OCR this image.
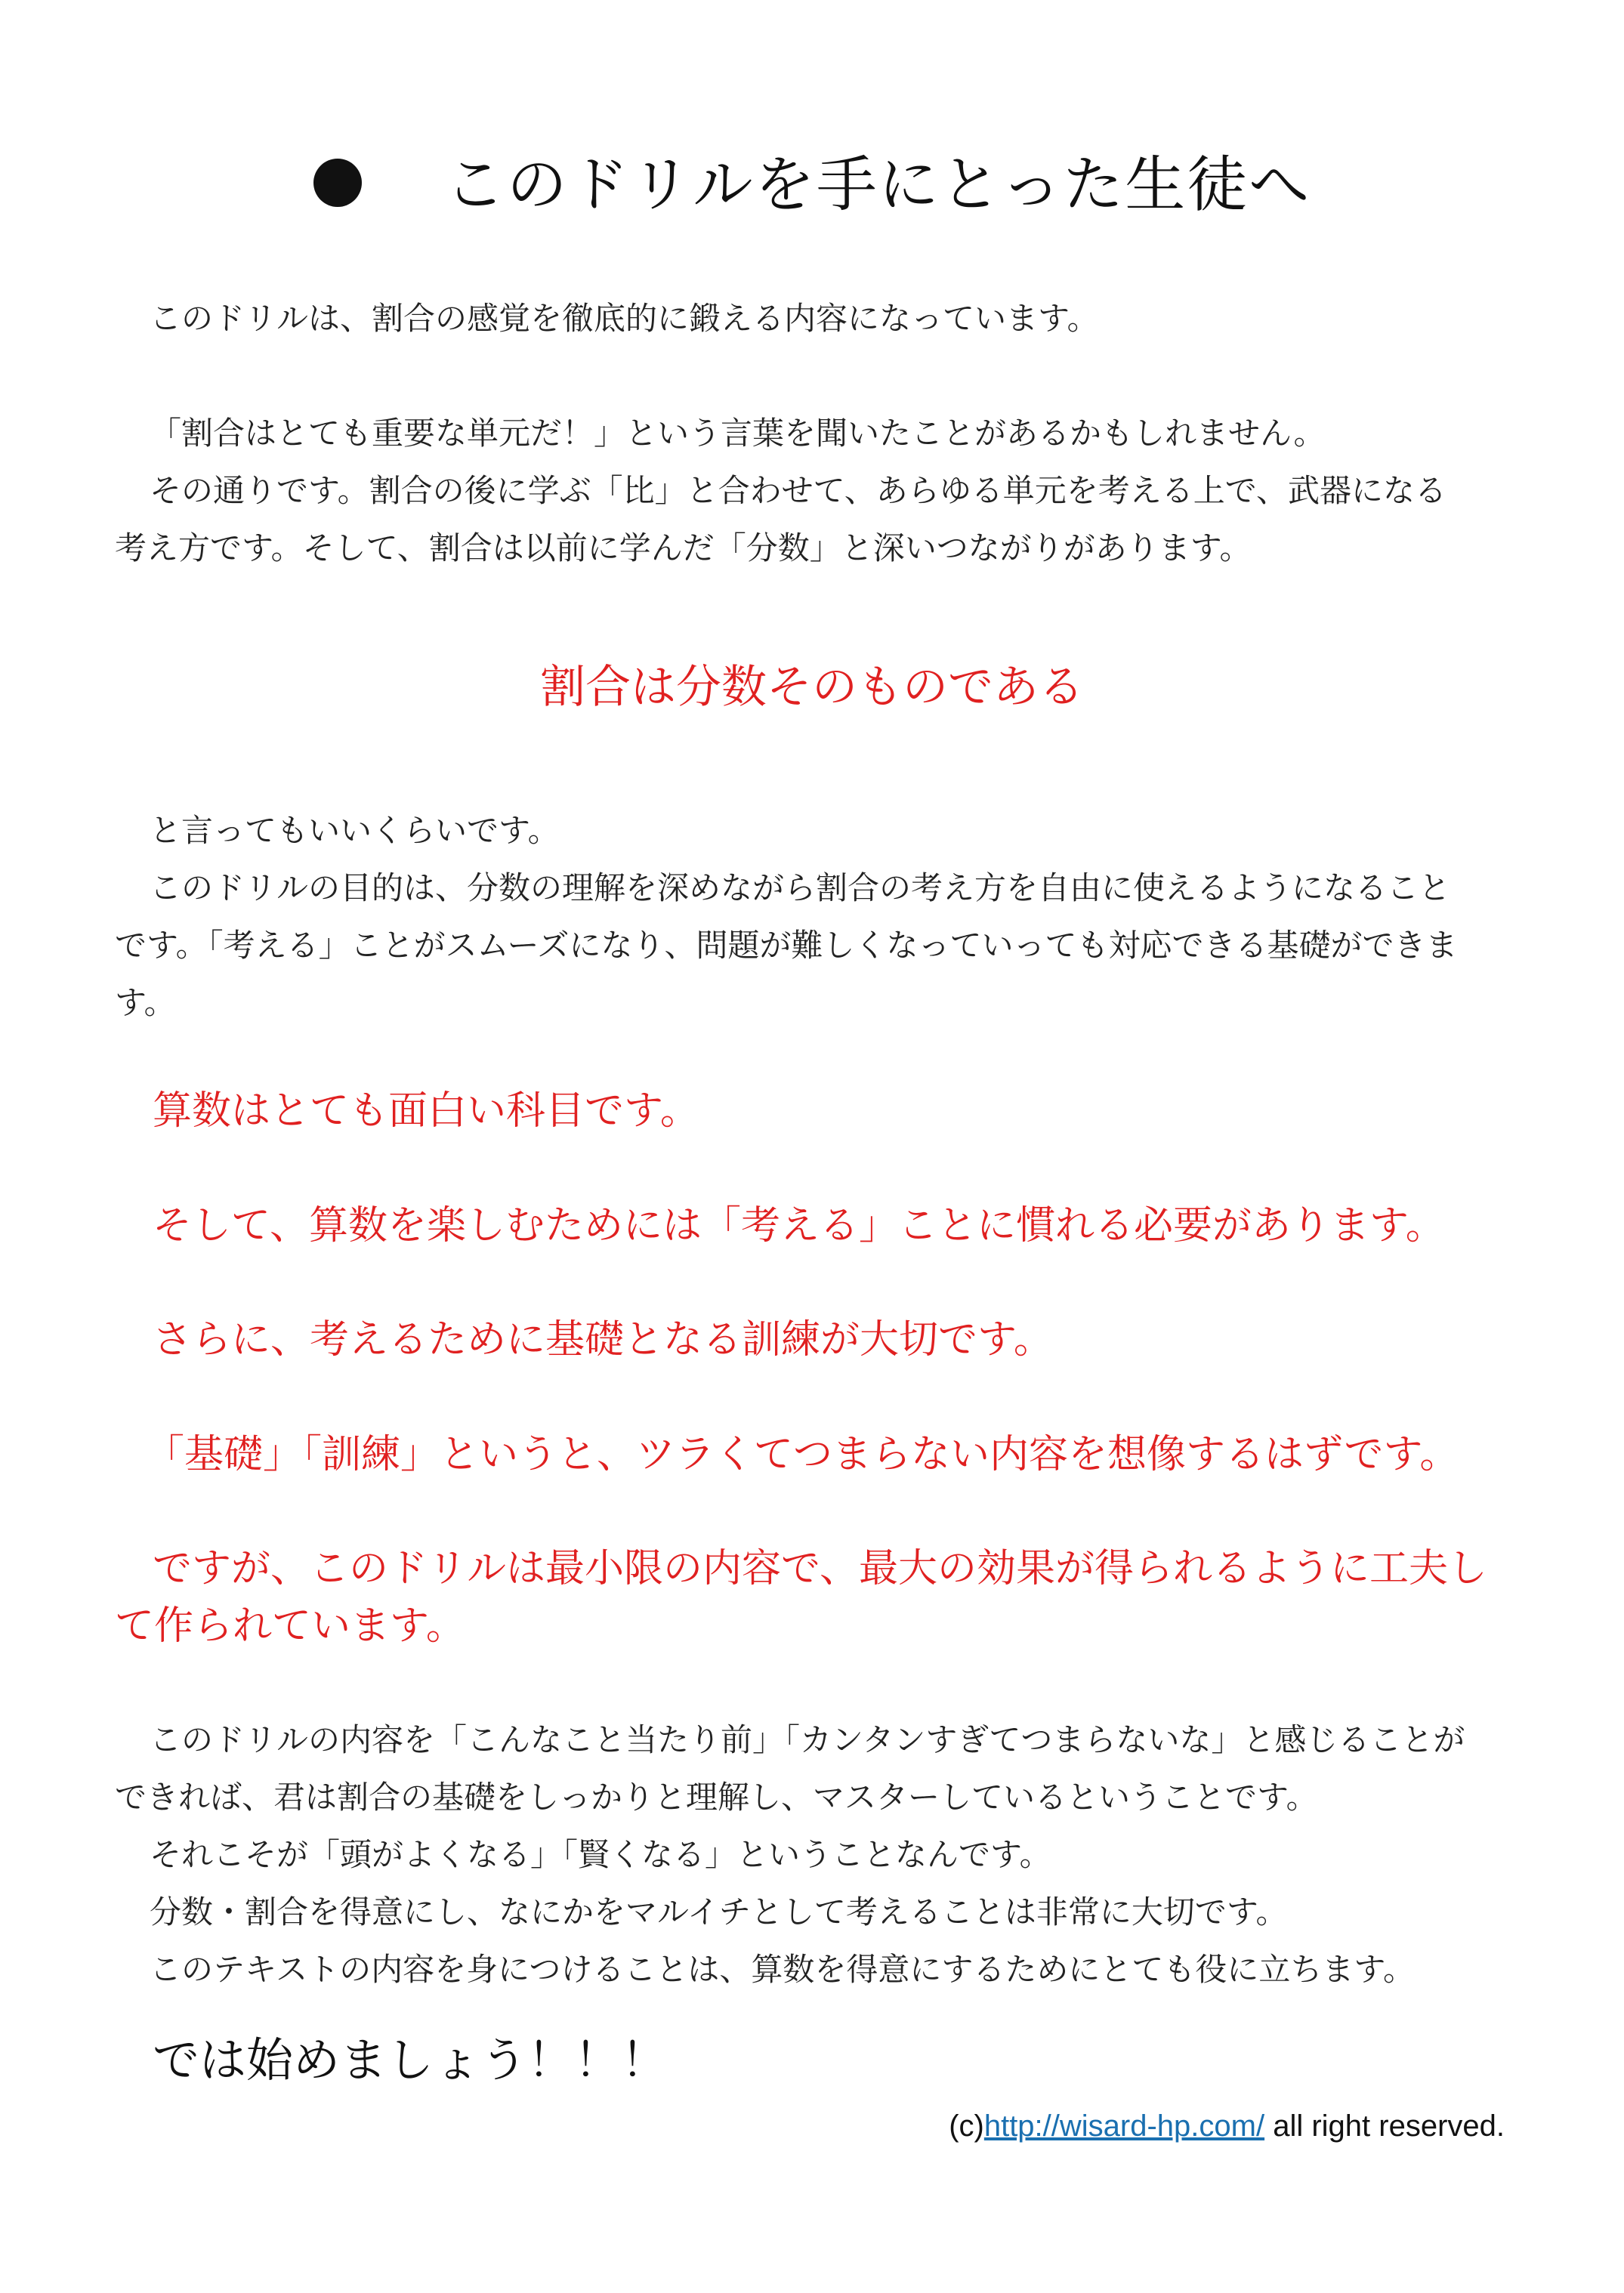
このドリルを手にとった生徒へ

このドリルは、割合の感覚を徹底的に鍛える内容になっています。

「割合はとても重要な単元だ！」という言葉を聞いたことがあるかもしれません。

その通りです。割合の後に学ぶ「比」と合わせて、あらゆる単元を考える上で、武器になる

考え方です。そして、割合は以前に学んだ「分数」と深いつながりがあります。

割合は分数そのものである

と言ってもいいくらいです。

このドリルの目的は、分数の理解を深めながら割合の考え方を自由に使えるようになること

です。「考える」ことがスムーズになり、問題が難しくなっていっても対応できる基礎ができま

す。

算数はとても面白い科目です。

そして、算数を楽しむためには「考える」ことに慣れる必要があります。

さらに、考えるために基礎となる訓練が大切です。

「基礎」「訓練」というと、ツラくてつまらない内容を想像するはずです。

ですが、このドリルは最小限の内容で、最大の効果が得られるように工夫し

て作られています。

このドリルの内容を「こんなこと当たり前」「カンタンすぎてつまらないな」と感じることが

できれば、君は割合の基礎をしっかりと理解し、マスターしているということです。

それこそが「頭がよくなる」「賢くなる」ということなんです。

分数・割合を得意にし、なにかをマルイチとして考えることは非常に大切です。

このテキストの内容を身につけることは、算数を得意にするためにとても役に立ちます。

では始めましょう！！！
(c)http://wisard-hp.com/ all right reserved.
